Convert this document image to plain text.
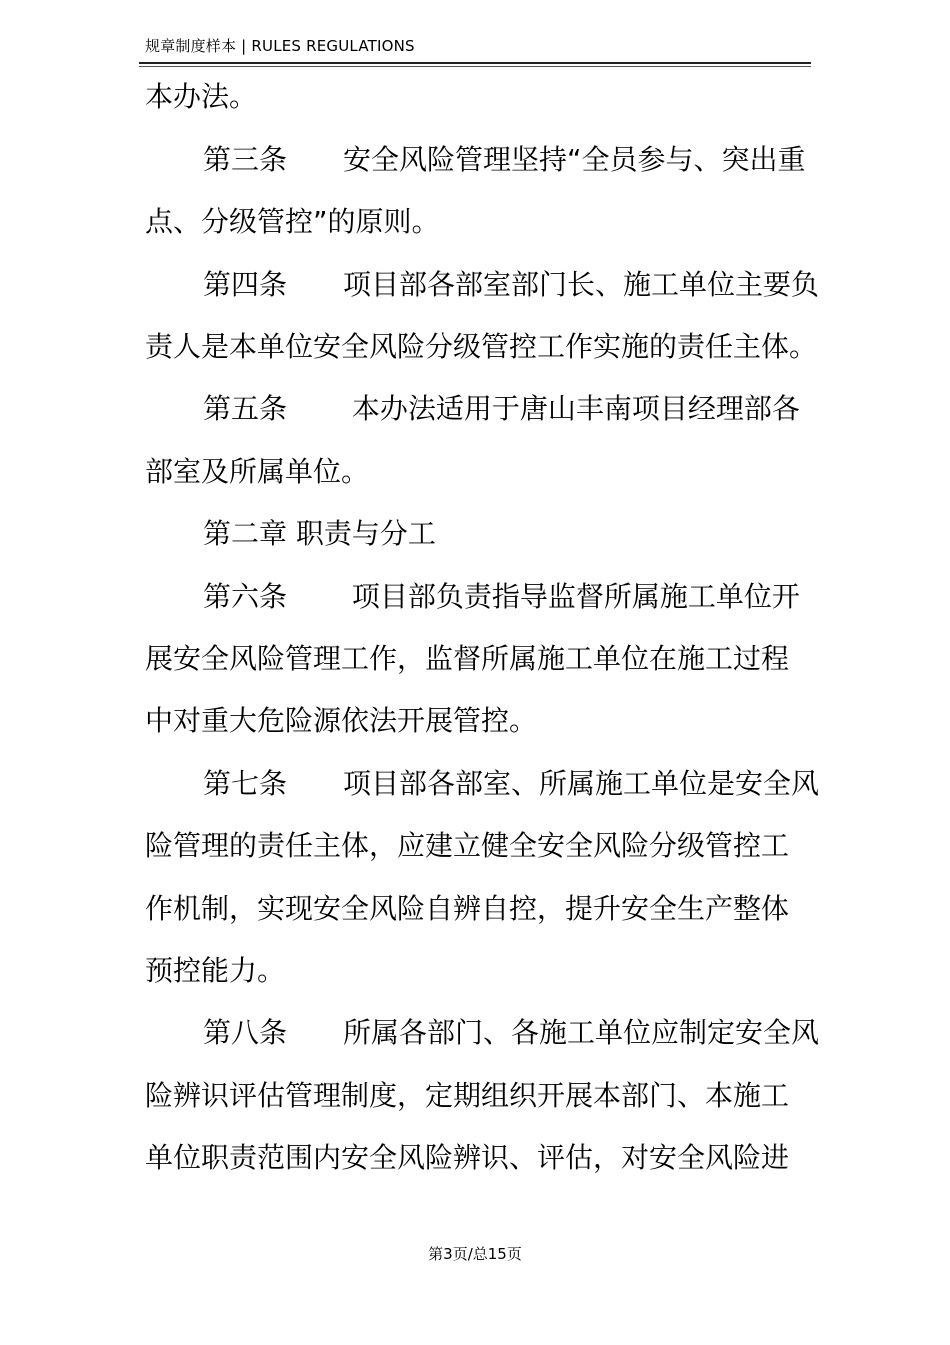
规章制度样本 | RULES REGULATIONS
本办法。
第三条　　安全风险管理坚持“全员参与、突出重
点、分级管控”的原则。
第四条　　项目部各部室部门长、施工单位主要负
责人是本单位安全风险分级管控工作实施的责任主体。
第五条　　 本办法适用于唐山丰南项目经理部各
部室及所属单位。
第二章 职责与分工
第六条　　 项目部负责指导监督所属施工单位开
展安全风险管理工作，监督所属施工单位在施工过程
中对重大危险源依法开展管控。
第七条　　项目部各部室、所属施工单位是安全风
险管理的责任主体，应建立健全安全风险分级管控工
作机制，实现安全风险自辨自控，提升安全生产整体
预控能力。
第八条　　所属各部门、各施工单位应制定安全风
险辨识评估管理制度，定期组织开展本部门、本施工
单位职责范围内安全风险辨识、评估，对安全风险进
第3页/总15页
